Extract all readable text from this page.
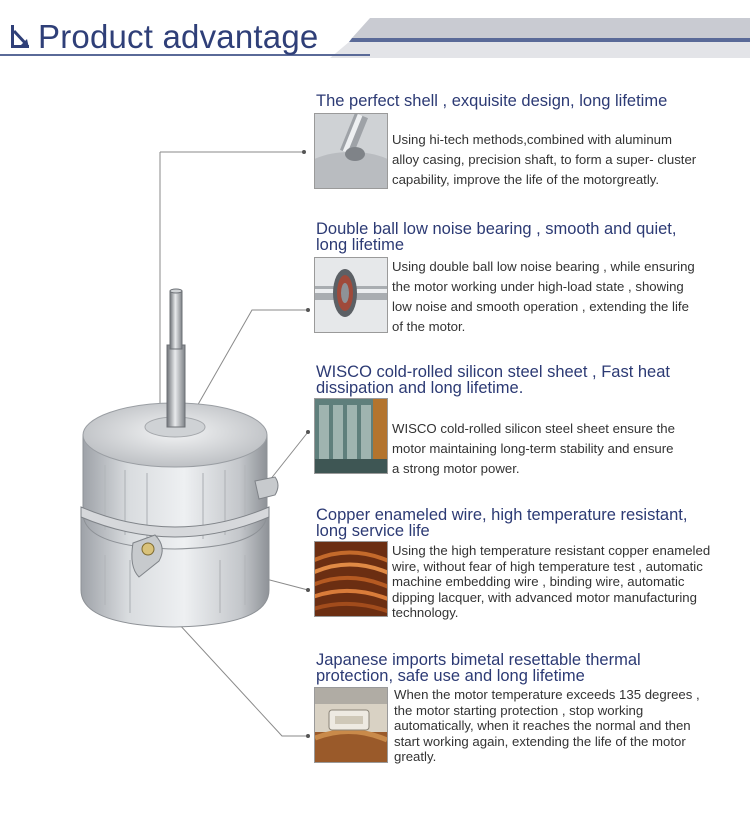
Product advantage
The perfect shell , exquisite design, long lifetime

Using hi-tech methods,combined with aluminum
alloy casing, precision shaft, to form a super- cluster
capability, improve the life of the motorgreatly.

Double ball low noise bearing , smooth and quiet,
long lifetime

Using double ball low noise bearing , while ensuring
the motor working under high-load state , showing
low noise and smooth operation , extending the life
of the motor.

WISCO cold-rolled silicon steel sheet , Fast heat
dissipation and long lifetime.

WISCO cold-rolled silicon steel sheet ensure the
motor maintaining long-term stability and ensure
a strong motor power.

Copper enameled wire, high temperature resistant,
long service life

Using the high temperature resistant copper enameled
wire, without fear of high temperature test , automatic
machine embedding wire , binding wire, automatic
dipping lacquer, with advanced motor manufacturing
technology.

Japanese imports bimetal resettable thermal
protection, safe use and long lifetime

When the motor temperature exceeds 135 degrees ,
the motor starting protection , stop working
automatically, when it reaches the normal and then
start working again, extending the life of the motor
greatly.
